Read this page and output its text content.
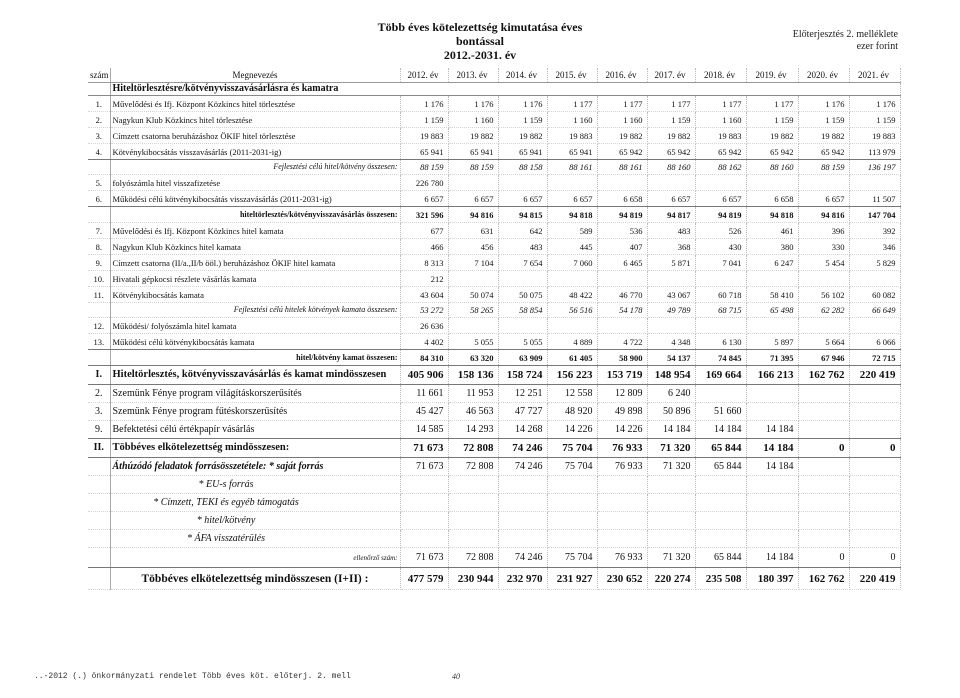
Több éves kötelezettség kimutatása éves
bontással
2012.-2031. év
Előterjesztés 2. melléklete
ezer forint
szám	Megnevezés	2012. év	2013. év	2014. év	2015. év	2016. év	2017. év	2018. év	2019. év	2020. év	2021. év
	Hiteltörlesztésre/kötvényvisszavásárlásra és kamatra										
1.	Művelődési és Ifj. Központ Közkincs hitel törlesztése	1 176	1 176	1 176	1 177	1 177	1 177	1 177	1 177	1 176	1 176
2.	Nagykun Klub Közkincs hitel törlesztése	1 159	1 160	1 159	1 160	1 160	1 159	1 160	1 159	1 159	1 159
3.	Címzett csatorna beruházáshoz ÖKIF hitel törlesztése	19 883	19 882	19 882	19 883	19 882	19 882	19 883	19 882	19 882	19 883
4.	Kötvénykibocsátás visszavásárlás (2011-2031-ig)	65 941	65 941	65 941	65 941	65 942	65 942	65 942	65 942	65 942	113 979
	Fejlesztési célú hitel/kötvény összesen:	88 159	88 159	88 158	88 161	88 161	88 160	88 162	88 160	88 159	136 197
5.	folyószámla hitel visszafizetése	226 780									
6.	Működési célú kötvénykibocsátás visszavásárlás (2011-2031-ig)	6 657	6 657	6 657	6 657	6 658	6 657	6 657	6 658	6 657	11 507
	hiteltörlesztés/kötvényvisszavásárlás összesen:	321 596	94 816	94 815	94 818	94 819	94 817	94 819	94 818	94 816	147 704
7.	Művelődési és Ifj. Központ Közkincs hitel kamata	677	631	642	589	536	483	526	461	396	392
8.	Nagykun Klub Közkincs hitel kamata	466	456	483	445	407	368	430	380	330	346
9.	Címzett csatorna (II/a.,II/b ööl.) beruházáshoz ÖKIF hitel kamata	8 313	7 104	7 654	7 060	6 465	5 871	7 041	6 247	5 454	5 829
10.	Hivatali gépkocsi részlete vásárlás kamata	212									
11.	Kötvénykibocsátás kamata	43 604	50 074	50 075	48 422	46 770	43 067	60 718	58 410	56 102	60 082
	Fejlesztési célú hitelek kötvények kamata összesen:	53 272	58 265	58 854	56 516	54 178	49 789	68 715	65 498	62 282	66 649
12.	Működési/ folyószámla hitel kamata	26 636									
13.	Működési célú kötvénykibocsátás kamata	4 402	5 055	5 055	4 889	4 722	4 348	6 130	5 897	5 664	6 066
	hitel/kötvény kamat összesen:	84 310	63 320	63 909	61 405	58 900	54 137	74 845	71 395	67 946	72 715
I.	Hiteltörlesztés, kötvényvisszavásárlás és kamat mindösszesen	405 906	158 136	158 724	156 223	153 719	148 954	169 664	166 213	162 762	220 419
2.	Szemünk Fénye program világításkorszerűsítés	11 661	11 953	12 251	12 558	12 809	6 240				
3.	Szemünk Fénye program fűtéskorszerűsítés	45 427	46 563	47 727	48 920	49 898	50 896	51 660			
9.	Befektetési célú értékpapír vásárlás	14 585	14 293	14 268	14 226	14 226	14 184	14 184	14 184		
II.	Többéves elkötelezettség mindösszesen:	71 673	72 808	74 246	75 704	76 933	71 320	65 844	14 184	0	0
	Áthúzódó feladatok forrásösszetétele: * saját forrás	71 673	72 808	74 246	75 704	76 933	71 320	65 844	14 184		
	* EU-s forrás										
	* Címzett, TEKI és egyéb támogatás										
	* hitel/kötvény										
	* ÁFA visszatérülés										
	ellenőrző szám:	71 673	72 808	74 246	75 704	76 933	71 320	65 844	14 184	0	0
	Többéves elkötelezettség mindösszesen (I+II) :	477 579	230 944	232 970	231 927	230 652	220 274	235 508	180 397	162 762	220 419
..-2012 (.) önkormányzati rendelet Több éves köt. előterj. 2. mell	40
